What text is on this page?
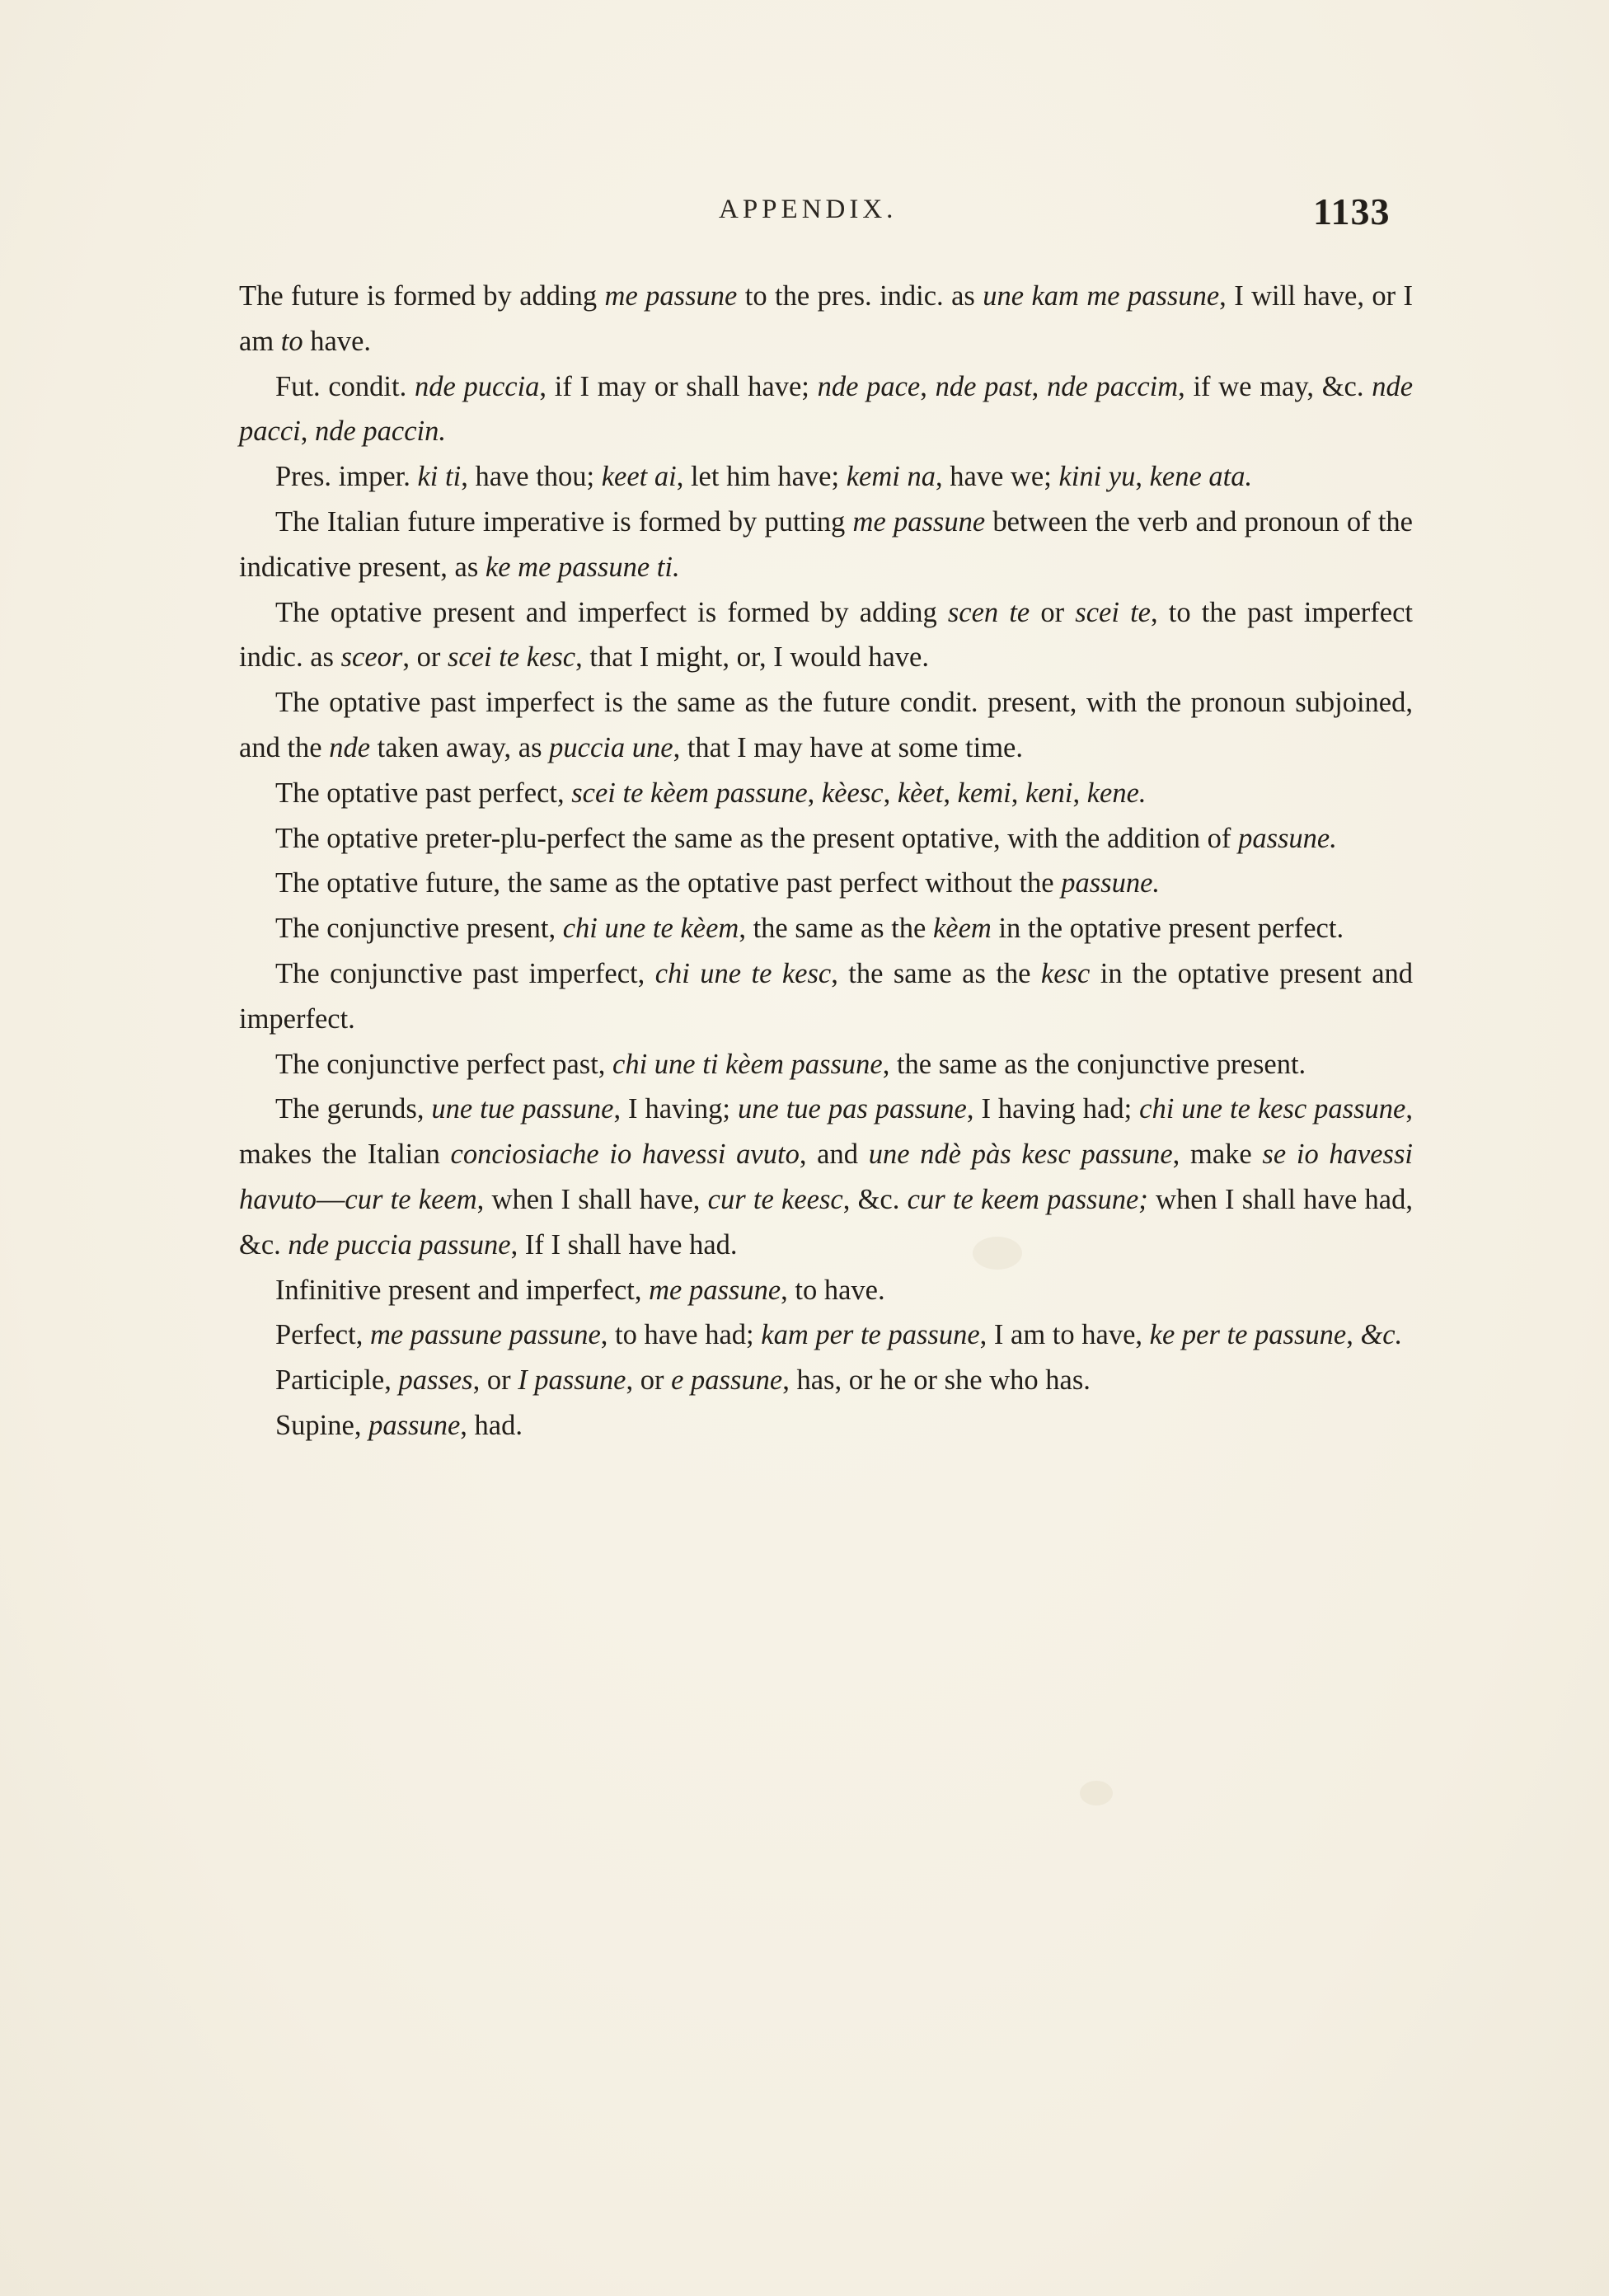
APPENDIX.	1133

The future is formed by adding me passune to the pres. indic. as une kam me passune, I will have, or I am to have.

Fut. condit. nde puccia, if I may or shall have; nde pace, nde past, nde paccim, if we may, &c. nde pacci, nde paccin.

Pres. imper. ki ti, have thou; keet ai, let him have; kemi na, have we; kini yu, kene ata.

The Italian future imperative is formed by putting me passune between the verb and pronoun of the indicative present, as ke me passune ti.

The optative present and imperfect is formed by adding scen te or scei te, to the past imperfect indic. as sceor, or scei te kesc, that I might, or, I would have.

The optative past imperfect is the same as the future condit. present, with the pronoun subjoined, and the nde taken away, as puccia une, that I may have at some time.

The optative past perfect, scei te kèem passune, kèesc, kèet, kemi, keni, kene.

The optative preter-plu-perfect the same as the present optative, with the addition of passune.

The optative future, the same as the optative past perfect without the passune.

The conjunctive present, chi une te kèem, the same as the kèem in the optative present perfect.

The conjunctive past imperfect, chi une te kesc, the same as the kesc in the optative present and imperfect.

The conjunctive perfect past, chi une ti kèem passune, the same as the conjunctive present.

The gerunds, une tue passune, I having; une tue pas passune, I having had; chi une te kesc passune, makes the Italian conciosiache io havessi avuto, and une ndè pàs kesc passune, make se io havessi havuto—cur te keem, when I shall have, cur te keesc, &c. cur te keem passune; when I shall have had, &c. nde puccia passune, If I shall have had.

Infinitive present and imperfect, me passune, to have.

Perfect, me passune passune, to have had; kam per te passune, I am to have, ke per te passune, &c.

Participle, passes, or I passune, or e passune, has, or he or she who has.

Supine, passune, had.
